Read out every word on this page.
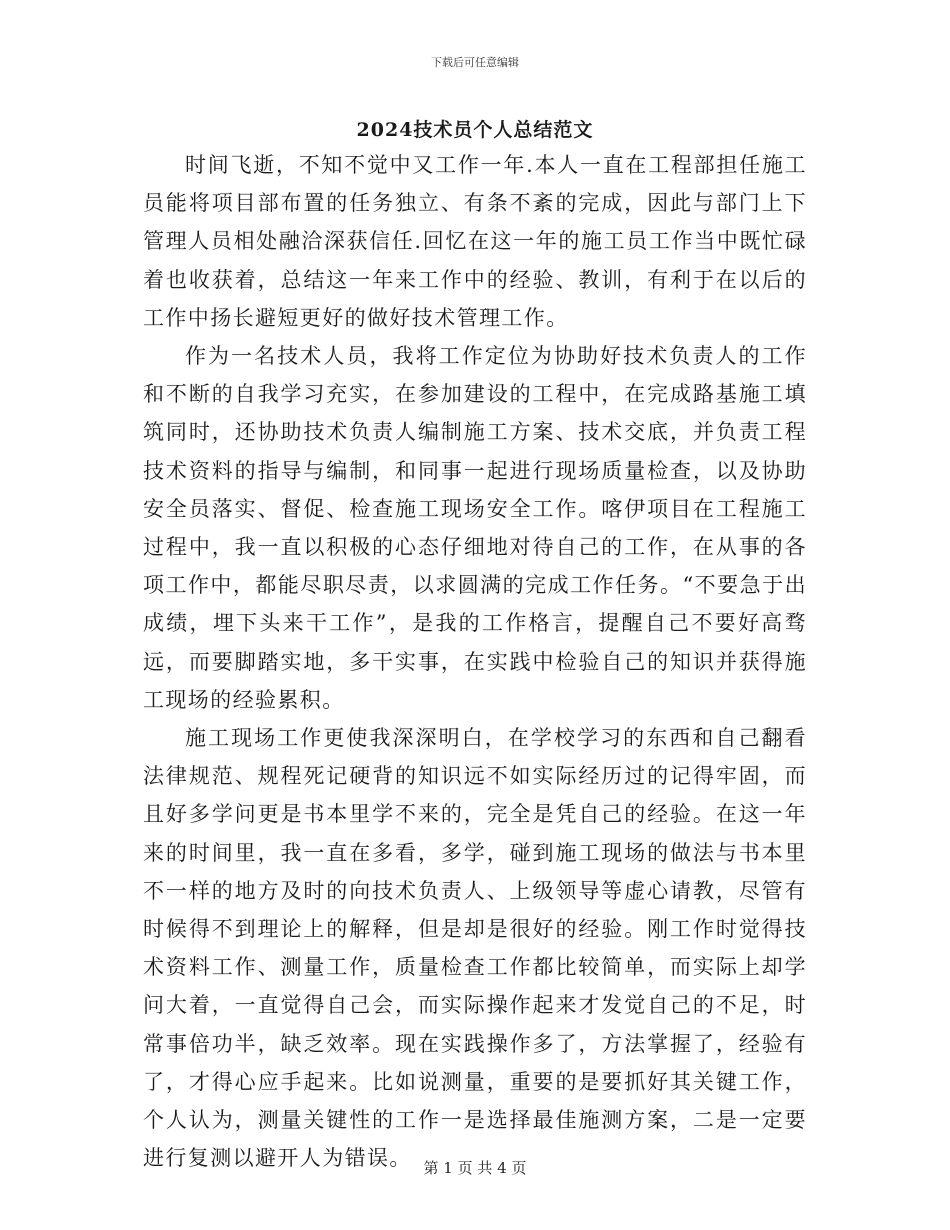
下载后可任意编辑
2024技术员个人总结范文

时间飞逝，不知不觉中又工作一年.本人一直在工程部担任施工员能将项目部布置的任务独立、有条不紊的完成，因此与部门上下管理人员相处融洽深获信任.回忆在这一年的施工员工作当中既忙碌着也收获着，总结这一年来工作中的经验、教训，有利于在以后的工作中扬长避短更好的做好技术管理工作。

作为一名技术人员，我将工作定位为协助好技术负责人的工作和不断的自我学习充实，在参加建设的工程中，在完成路基施工填筑同时，还协助技术负责人编制施工方案、技术交底，并负责工程技术资料的指导与编制，和同事一起进行现场质量检查，以及协助安全员落实、督促、检查施工现场安全工作。喀伊项目在工程施工过程中，我一直以积极的心态仔细地对待自己的工作，在从事的各项工作中，都能尽职尽责，以求圆满的完成工作任务。“不要急于出成绩，埋下头来干工作”，是我的工作格言，提醒自己不要好高骛远，而要脚踏实地，多干实事，在实践中检验自己的知识并获得施工现场的经验累积。

施工现场工作更使我深深明白，在学校学习的东西和自己翻看法律规范、规程死记硬背的知识远不如实际经历过的记得牢固，而且好多学问更是书本里学不来的，完全是凭自己的经验。在这一年来的时间里，我一直在多看，多学，碰到施工现场的做法与书本里不一样的地方及时的向技术负责人、上级领导等虚心请教，尽管有时候得不到理论上的解释，但是却是很好的经验。刚工作时觉得技术资料工作、测量工作，质量检查工作都比较简单，而实际上却学问大着，一直觉得自己会，而实际操作起来才发觉自己的不足，时常事倍功半，缺乏效率。现在实践操作多了，方法掌握了，经验有了，才得心应手起来。比如说测量，重要的是要抓好其关键工作，个人认为，测量关键性的工作一是选择最佳施测方案，二是一定要进行复测以避开人为错误。 第 1 页 共 4 页
